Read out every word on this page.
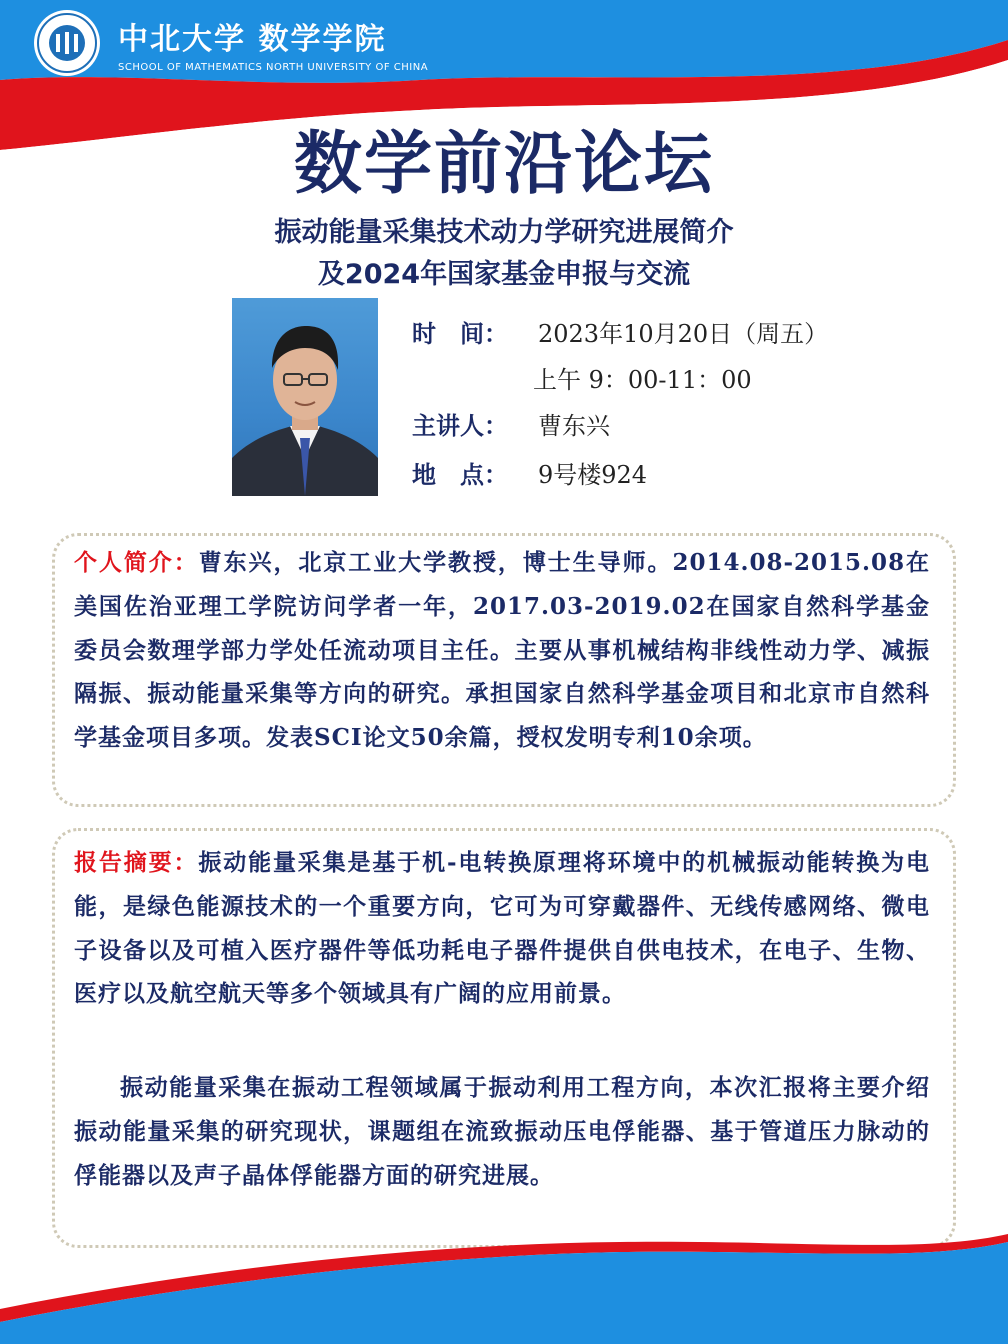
中北大学 数学学院
SCHOOL OF MATHEMATICS NORTH UNIVERSITY OF CHINA
数学前沿论坛
振动能量采集技术动力学研究进展简介
及2024年国家基金申报与交流
时　间： 2023年10月20日（周五）
上午 9：00-11：00
主讲人： 曹东兴
地　点： 9号楼924
个人简介：曹东兴，北京工业大学教授，博士生导师。2014.08-2015.08在美国佐治亚理工学院访问学者一年，2017.03-2019.02在国家自然科学基金委员会数理学部力学处任流动项目主任。主要从事机械结构非线性动力学、减振隔振、振动能量采集等方向的研究。承担国家自然科学基金项目和北京市自然科学基金项目多项。发表SCI论文50余篇，授权发明专利10余项。
报告摘要：振动能量采集是基于机-电转换原理将环境中的机械振动能转换为电能，是绿色能源技术的一个重要方向，它可为可穿戴器件、无线传感网络、微电子设备以及可植入医疗器件等低功耗电子器件提供自供电技术，在电子、生物、医疗以及航空航天等多个领域具有广阔的应用前景。
振动能量采集在振动工程领域属于振动利用工程方向，本次汇报将主要介绍振动能量采集的研究现状，课题组在流致振动压电俘能器、基于管道压力脉动的俘能器以及声子晶体俘能器方面的研究进展。
